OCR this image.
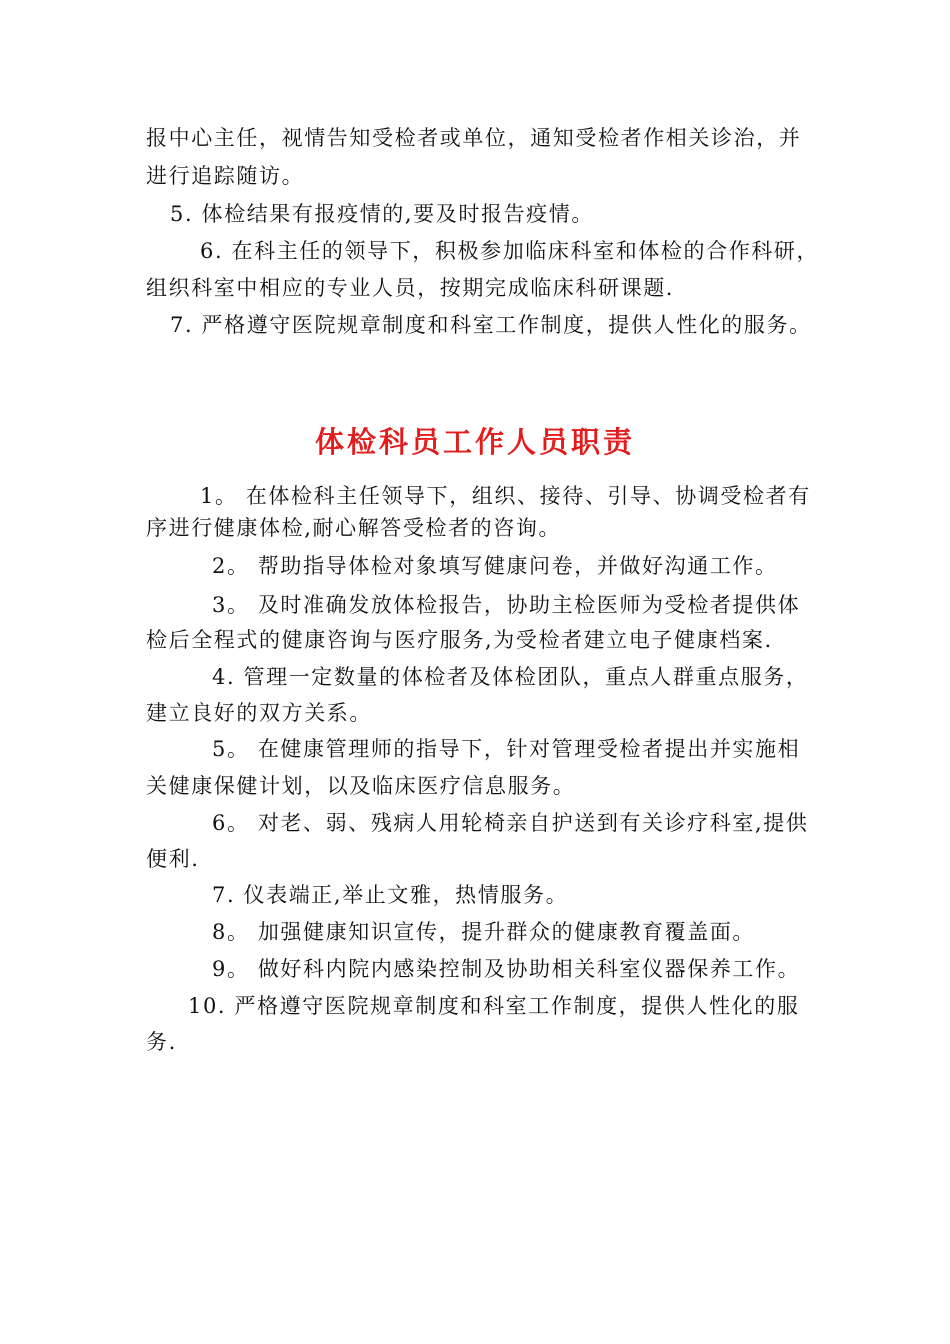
报中心主任，视情告知受检者或单位，通知受检者作相关诊治，并
进行追踪随访。
5. 体检结果有报疫情的,要及时报告疫情。
6. 在科主任的领导下，积极参加临床科室和体检的合作科研，
组织科室中相应的专业人员，按期完成临床科研课题.
7. 严格遵守医院规章制度和科室工作制度，提供人性化的服务。
体检科员工作人员职责
1。 在体检科主任领导下，组织、接待、引导、协调受检者有
序进行健康体检,耐心解答受检者的咨询。
2。 帮助指导体检对象填写健康问卷，并做好沟通工作。
3。 及时准确发放体检报告，协助主检医师为受检者提供体
检后全程式的健康咨询与医疗服务,为受检者建立电子健康档案.
4. 管理一定数量的体检者及体检团队，重点人群重点服务，
建立良好的双方关系。
5。 在健康管理师的指导下，针对管理受检者提出并实施相
关健康保健计划，以及临床医疗信息服务。
6。 对老、弱、残病人用轮椅亲自护送到有关诊疗科室,提供
便利.
7. 仪表端正,举止文雅，热情服务。
8。 加强健康知识宣传，提升群众的健康教育覆盖面。
9。 做好科内院内感染控制及协助相关科室仪器保养工作。
10. 严格遵守医院规章制度和科室工作制度，提供人性化的服
务.
